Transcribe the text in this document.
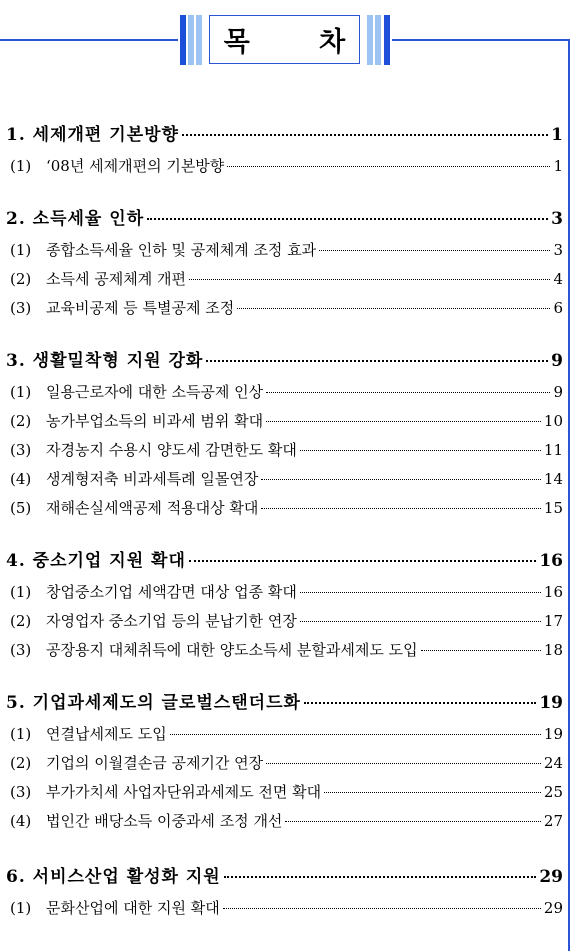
목 차
1. 세제개편 기본방향	1
(1) ‘08년 세제개편의 기본방향	1
2. 소득세율 인하	3
(1) 종합소득세율 인하 및 공제체계 조정 효과	3
(2) 소득세 공제체계 개편	4
(3) 교육비공제 등 특별공제 조정	6
3. 생활밀착형 지원 강화	9
(1) 일용근로자에 대한 소득공제 인상	9
(2) 농가부업소득의 비과세 범위 확대	10
(3) 자경농지 수용시 양도세 감면한도 확대	11
(4) 생계형저축 비과세특례 일몰연장	14
(5) 재해손실세액공제 적용대상 확대	15
4. 중소기업 지원 확대	16
(1) 창업중소기업 세액감면 대상 업종 확대	16
(2) 자영업자 중소기업 등의 분납기한 연장	17
(3) 공장용지 대체취득에 대한 양도소득세 분할과세제도 도입	18
5. 기업과세제도의 글로벌스탠더드화	19
(1) 연결납세제도 도입	19
(2) 기업의 이월결손금 공제기간 연장	24
(3) 부가가치세 사업자단위과세제도 전면 확대	25
(4) 법인간 배당소득 이중과세 조정 개선	27
6. 서비스산업 활성화 지원	29
(1) 문화산업에 대한 지원 확대	29
